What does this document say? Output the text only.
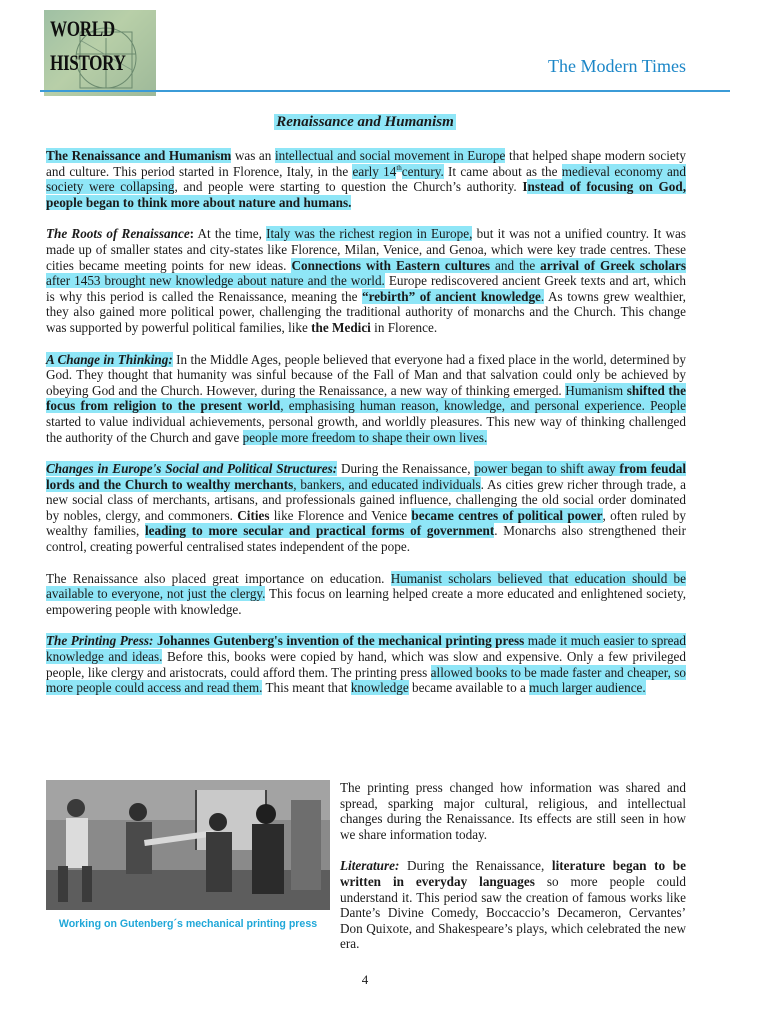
WORLD
HISTORY	The Modern Times
Renaissance and Humanism

The Renaissance and Humanism was an intellectual and social movement in Europe that helped shape modern society and culture. This period started in Florence, Italy, in the early 14thcentury. It came about as the medieval economy and society were collapsing, and people were starting to question the Church’s authority. Instead of focusing on God, people began to think more about nature and humans.

The Roots of Renaissance: At the time, Italy was the richest region in Europe, but it was not a unified country. It was made up of smaller states and city-states like Florence, Milan, Venice, and Genoa, which were key trade centres. These cities became meeting points for new ideas. Connections with Eastern cultures and the arrival of Greek scholars after 1453 brought new knowledge about nature and the world. Europe rediscovered ancient Greek texts and art, which is why this period is called the Renaissance, meaning the “rebirth” of ancient knowledge. As towns grew wealthier, they also gained more political power, challenging the traditional authority of monarchs and the Church. This change was supported by powerful political families, like the Medici in Florence.

A Change in Thinking: In the Middle Ages, people believed that everyone had a fixed place in the world, determined by God. They thought that humanity was sinful because of the Fall of Man and that salvation could only be achieved by obeying God and the Church. However, during the Renaissance, a new way of thinking emerged. Humanism shifted the focus from religion to the present world, emphasising human reason, knowledge, and personal experience. People started to value individual achievements, personal growth, and worldly pleasures. This new way of thinking challenged the authority of the Church and gave people more freedom to shape their own lives.

Changes in Europe's Social and Political Structures: During the Renaissance, power began to shift away from feudal lords and the Church to wealthy merchants, bankers, and educated individuals. As cities grew richer through trade, a new social class of merchants, artisans, and professionals gained influence, challenging the old social order dominated by nobles, clergy, and commoners. Cities like Florence and Venice became centres of political power, often ruled by wealthy families, leading to more secular and practical forms of government. Monarchs also strengthened their control, creating powerful centralised states independent of the pope.

The Renaissance also placed great importance on education. Humanist scholars believed that education should be available to everyone, not just the clergy. This focus on learning helped create a more educated and enlightened society, empowering people with knowledge.

The Printing Press: Johannes Gutenberg's invention of the mechanical printing press made it much easier to spread knowledge and ideas. Before this, books were copied by hand, which was slow and expensive. Only a few privileged people, like clergy and aristocrats, could afford them. The printing press allowed books to be made faster and cheaper, so more people could access and read them. This meant that knowledge became available to a much larger audience.

Working on Gutenberg´s mechanical printing press

The printing press changed how information was shared and spread, sparking major cultural, religious, and intellectual changes during the Renaissance. Its effects are still seen in how we share information today.

Literature: During the Renaissance, literature began to be written in everyday languages so more people could understand it. This period saw the creation of famous works like Dante’s Divine Comedy, Boccaccio’s Decameron, Cervantes’ Don Quixote, and Shakespeare’s plays, which celebrated the new era.

4
